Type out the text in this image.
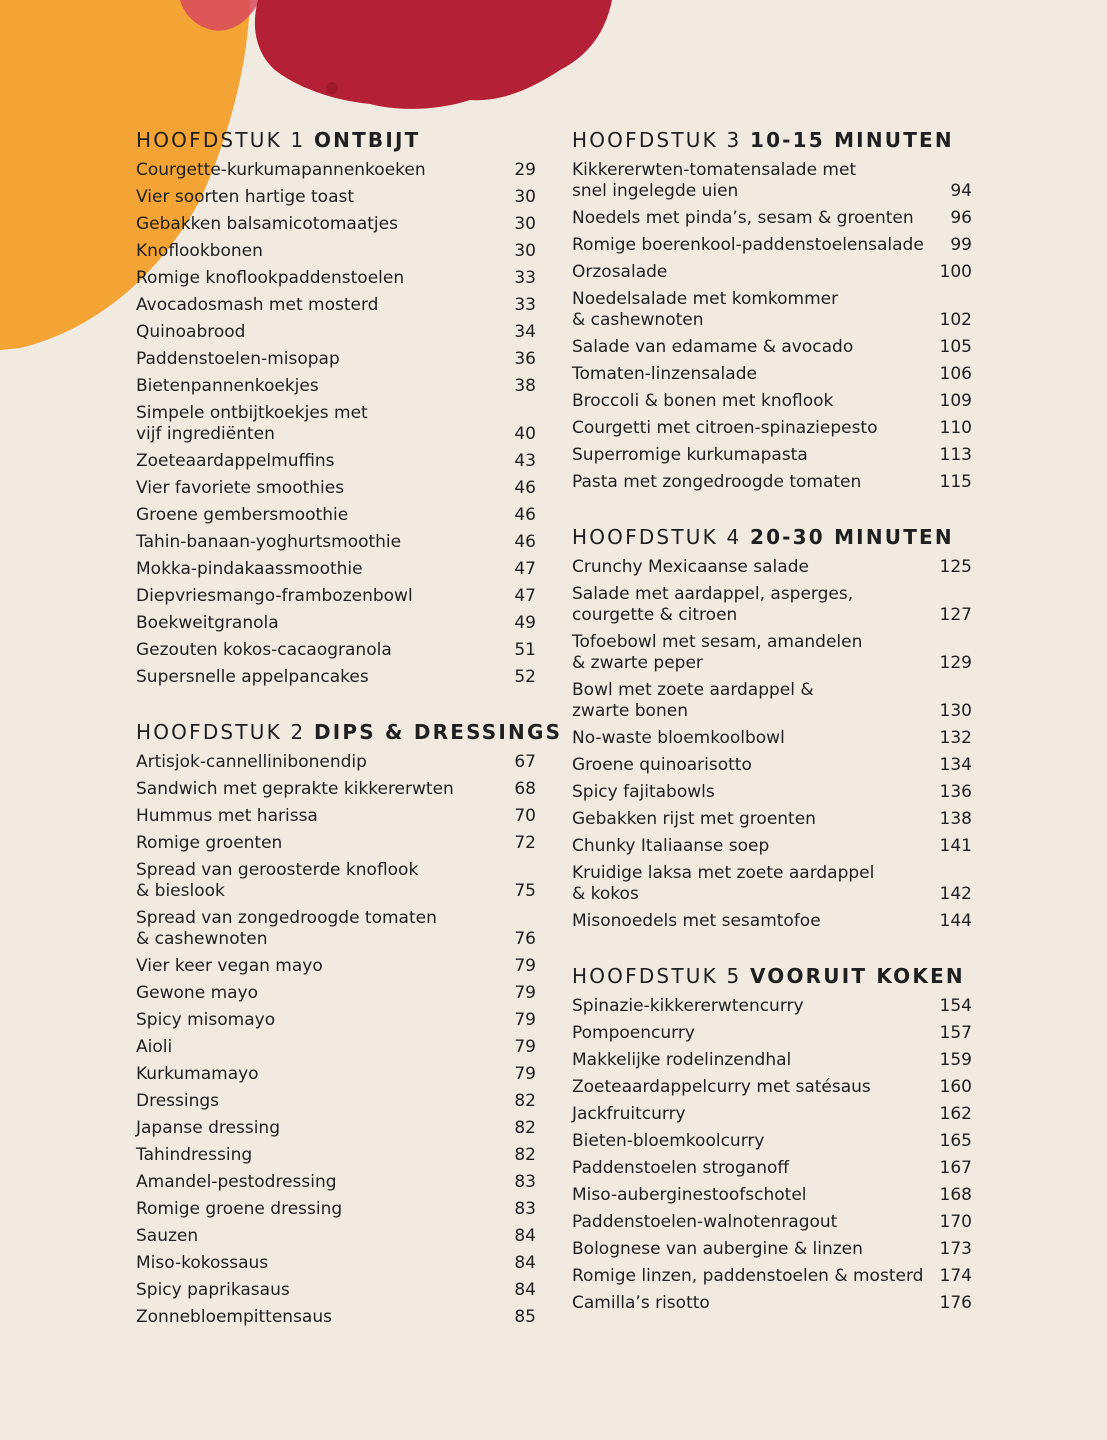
HOOFDSTUK 1 ONTBIJT
Courgette-kurkumapannenkoeken	29
Vier soorten hartige toast	30
Gebakken balsamicotomaatjes	30
Knoflookbonen	30
Romige knoflookpaddenstoelen	33
Avocadosmash met mosterd	33
Quinoabrood	34
Paddenstoelen-misopap	36
Bietenpannenkoekjes	38
Simpele ontbijtkoekjes met
vijf ingrediënten	40
Zoeteaardappelmuffins	43
Vier favoriete smoothies	46
Groene gembersmoothie	46
Tahin-banaan-yoghurtsmoothie	46
Mokka-pindakaassmoothie	47
Diepvriesmango-frambozenbowl	47
Boekweitgranola	49
Gezouten kokos-cacaogranola	51
Supersnelle appelpancakes	52
HOOFDSTUK 2 DIPS & DRESSINGS
Artisjok-cannellinibonendip	67
Sandwich met geprakte kikkererwten	68
Hummus met harissa	70
Romige groenten	72
Spread van geroosterde knoflook
& bieslook	75
Spread van zongedroogde tomaten
& cashewnoten	76
Vier keer vegan mayo	79
Gewone mayo	79
Spicy misomayo	79
Aioli	79
Kurkumamayo	79
Dressings	82
Japanse dressing	82
Tahindressing	82
Amandel-pestodressing	83
Romige groene dressing	83
Sauzen	84
Miso-kokossaus	84
Spicy paprikasaus	84
Zonnebloempittensaus	85
HOOFDSTUK 3 10-15 MINUTEN
Kikkererwten-tomatensalade met
snel ingelegde uien	94
Noedels met pinda’s, sesam & groenten	96
Romige boerenkool-paddenstoelensalade	99
Orzosalade	100
Noedelsalade met komkommer
& cashewnoten	102
Salade van edamame & avocado	105
Tomaten-linzensalade	106
Broccoli & bonen met knoflook	109
Courgetti met citroen-spinaziepesto	110
Superromige kurkumapasta	113
Pasta met zongedroogde tomaten	115
HOOFDSTUK 4 20-30 MINUTEN
Crunchy Mexicaanse salade	125
Salade met aardappel, asperges,
courgette & citroen	127
Tofoebowl met sesam, amandelen
& zwarte peper	129
Bowl met zoete aardappel &
zwarte bonen	130
No-waste bloemkoolbowl	132
Groene quinoarisotto	134
Spicy fajitabowls	136
Gebakken rijst met groenten	138
Chunky Italiaanse soep	141
Kruidige laksa met zoete aardappel
& kokos	142
Misonoedels met sesamtofoe	144
HOOFDSTUK 5 VOORUIT KOKEN
Spinazie-kikkererwtencurry	154
Pompoencurry	157
Makkelijke rodelinzendhal	159
Zoeteaardappelcurry met satésaus	160
Jackfruitcurry	162
Bieten-bloemkoolcurry	165
Paddenstoelen stroganoff	167
Miso-auberginestoofschotel	168
Paddenstoelen-walnotenragout	170
Bolognese van aubergine & linzen	173
Romige linzen, paddenstoelen & mosterd 174
Camilla’s risotto	176
